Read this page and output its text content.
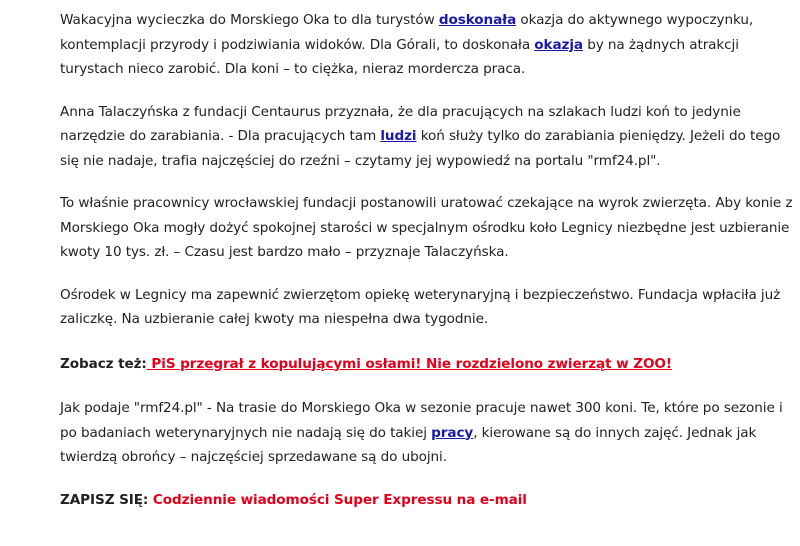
Wakacyjna wycieczka do Morskiego Oka to dla turystów doskonała okazja do aktywnego wypoczynku, kontemplacji przyrody i podziwiania widoków. Dla Górali, to doskonała okazja by na żądnych atrakcji turystach nieco zarobić. Dla koni – to ciężka, nieraz mordercza praca.

Anna Talaczyńska z fundacji Centaurus przyznała, że dla pracujących na szlakach ludzi koń to jedynie narzędzie do zarabiania. - Dla pracujących tam ludzi koń służy tylko do zarabiania pieniędzy. Jeżeli do tego się nie nadaje, trafia najczęściej do rzeźni – czytamy jej wypowiedź na portalu "rmf24.pl".

To właśnie pracownicy wrocławskiej fundacji postanowili uratować czekające na wyrok zwierzęta. Aby konie z Morskiego Oka mogły dożyć spokojnej starości w specjalnym ośrodku koło Legnicy niezbędne jest uzbieranie kwoty 10 tys. zł. – Czasu jest bardzo mało – przyznaje Talaczyńska.

Ośrodek w Legnicy ma zapewnić zwierzętom opiekę weterynaryjną i bezpieczeństwo. Fundacja wpłaciła już zaliczkę. Na uzbieranie całej kwoty ma niespełna dwa tygodnie.

Zobacz też: PiS przegrał z kopulującymi osłami! Nie rozdzielono zwierząt w ZOO!

Jak podaje "rmf24.pl" - Na trasie do Morskiego Oka w sezonie pracuje nawet 300 koni. Te, które po sezonie i po badaniach weterynaryjnych nie nadają się do takiej pracy, kierowane są do innych zajęć. Jednak jak twierdzą obrońcy – najczęściej sprzedawane są do ubojni.

ZAPISZ SIĘ: Codziennie wiadomości Super Expressu na e-mail
